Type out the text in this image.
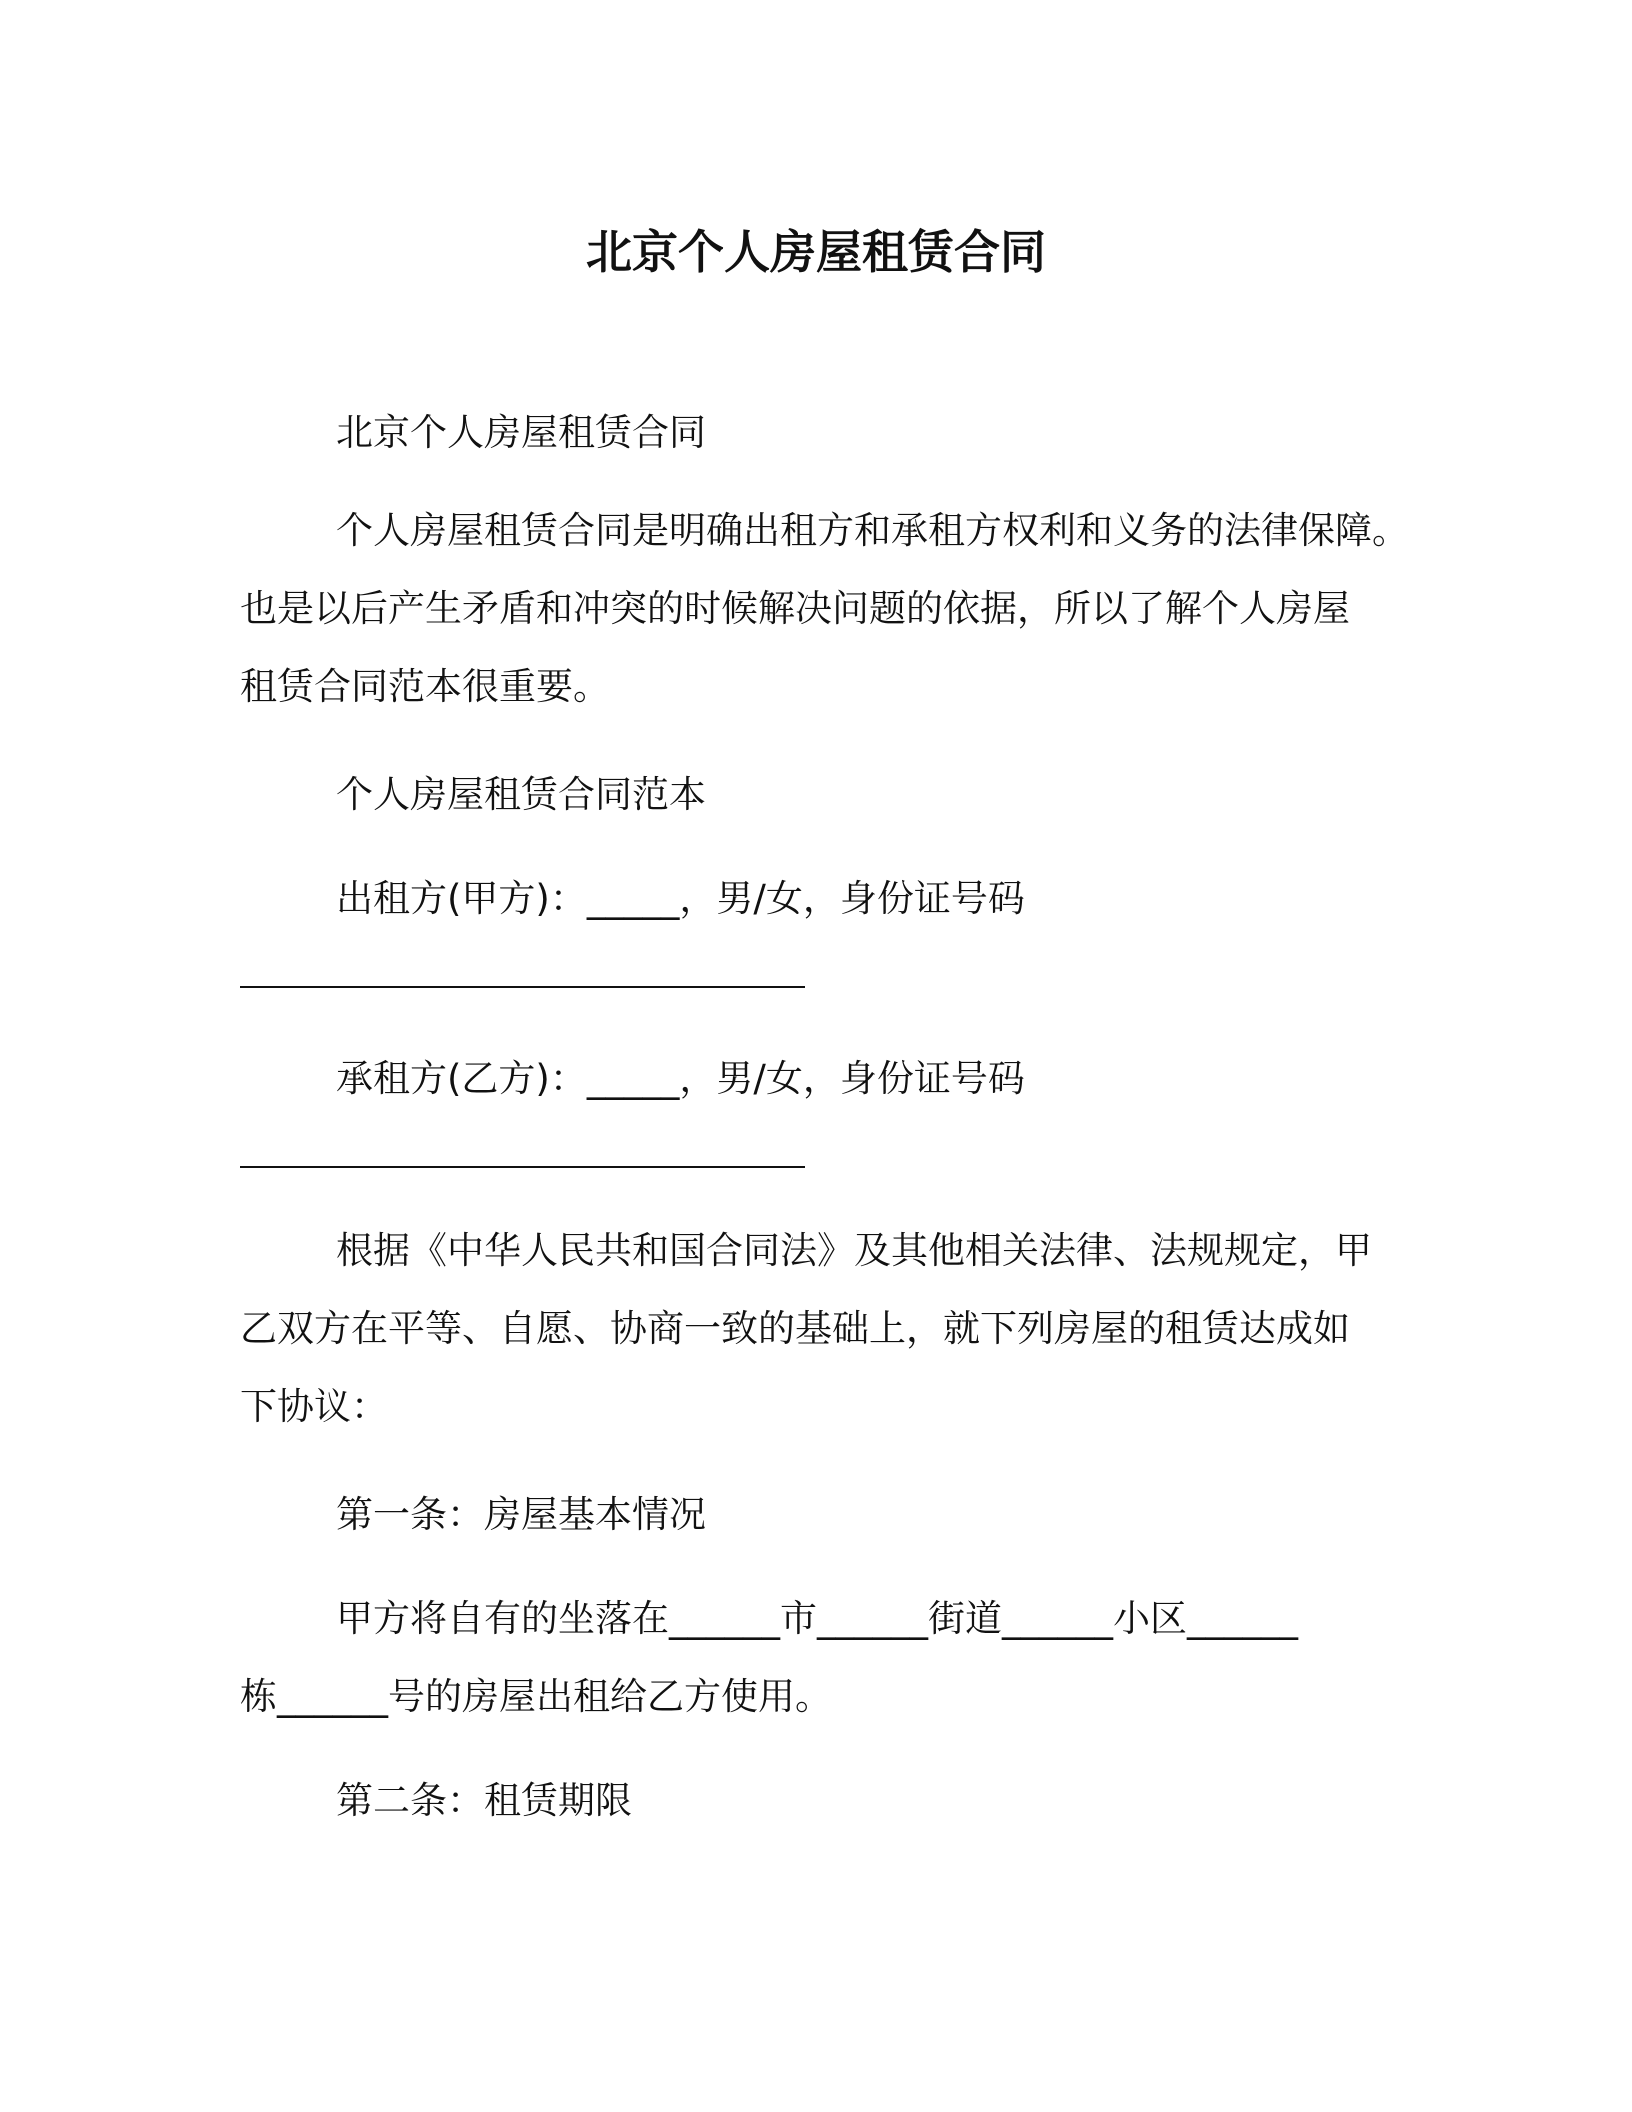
北京个人房屋租赁合同
北京个人房屋租赁合同
个人房屋租赁合同是明确出租方和承租方权利和义务的法律保障。
也是以后产生矛盾和冲突的时候解决问题的依据，所以了解个人房屋
租赁合同范本很重要。
个人房屋租赁合同范本
出租方(甲方)：_____，男/女，身份证号码
承租方(乙方)：_____，男/女，身份证号码
根据《中华人民共和国合同法》及其他相关法律、法规规定，甲
乙双方在平等、自愿、协商一致的基础上，就下列房屋的租赁达成如
下协议：
第一条：房屋基本情况
甲方将自有的坐落在______市______街道______小区______
栋______号的房屋出租给乙方使用。
第二条：租赁期限
